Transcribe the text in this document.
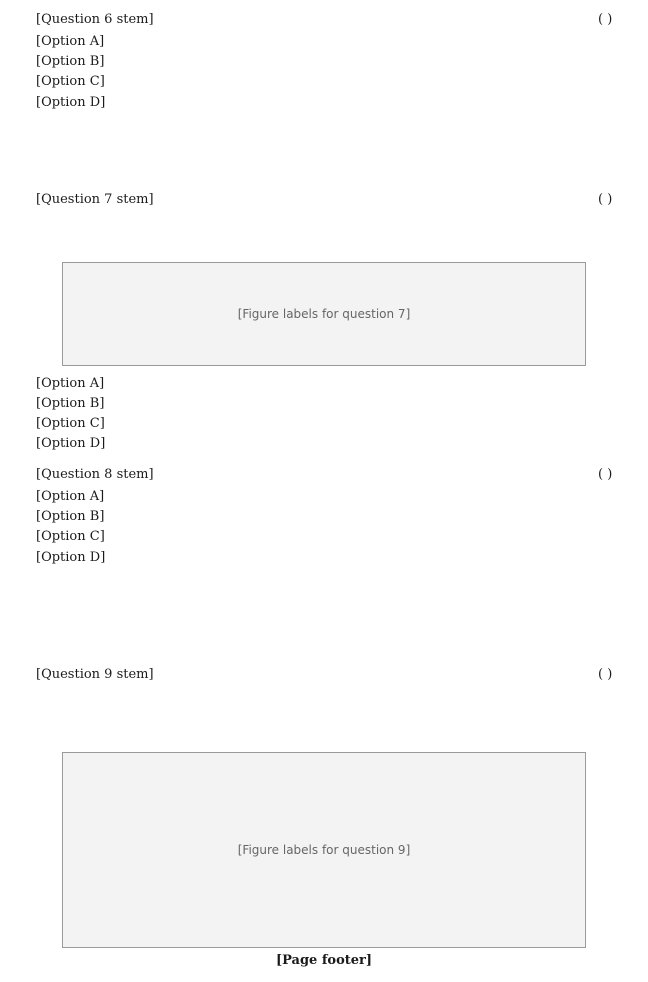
[Question 6 stem]	( )

[Option A]
[Option B]
[Option C]
[Option D]

[Question 7 stem]	( )

[Figure labels for question 7]
[Option A]
[Option B]
[Option C]
[Option D]

[Question 8 stem]	( )

[Option A]
[Option B]
[Option C]
[Option D]

[Question 9 stem]	( )

[Figure labels for question 9]
[Page footer]
